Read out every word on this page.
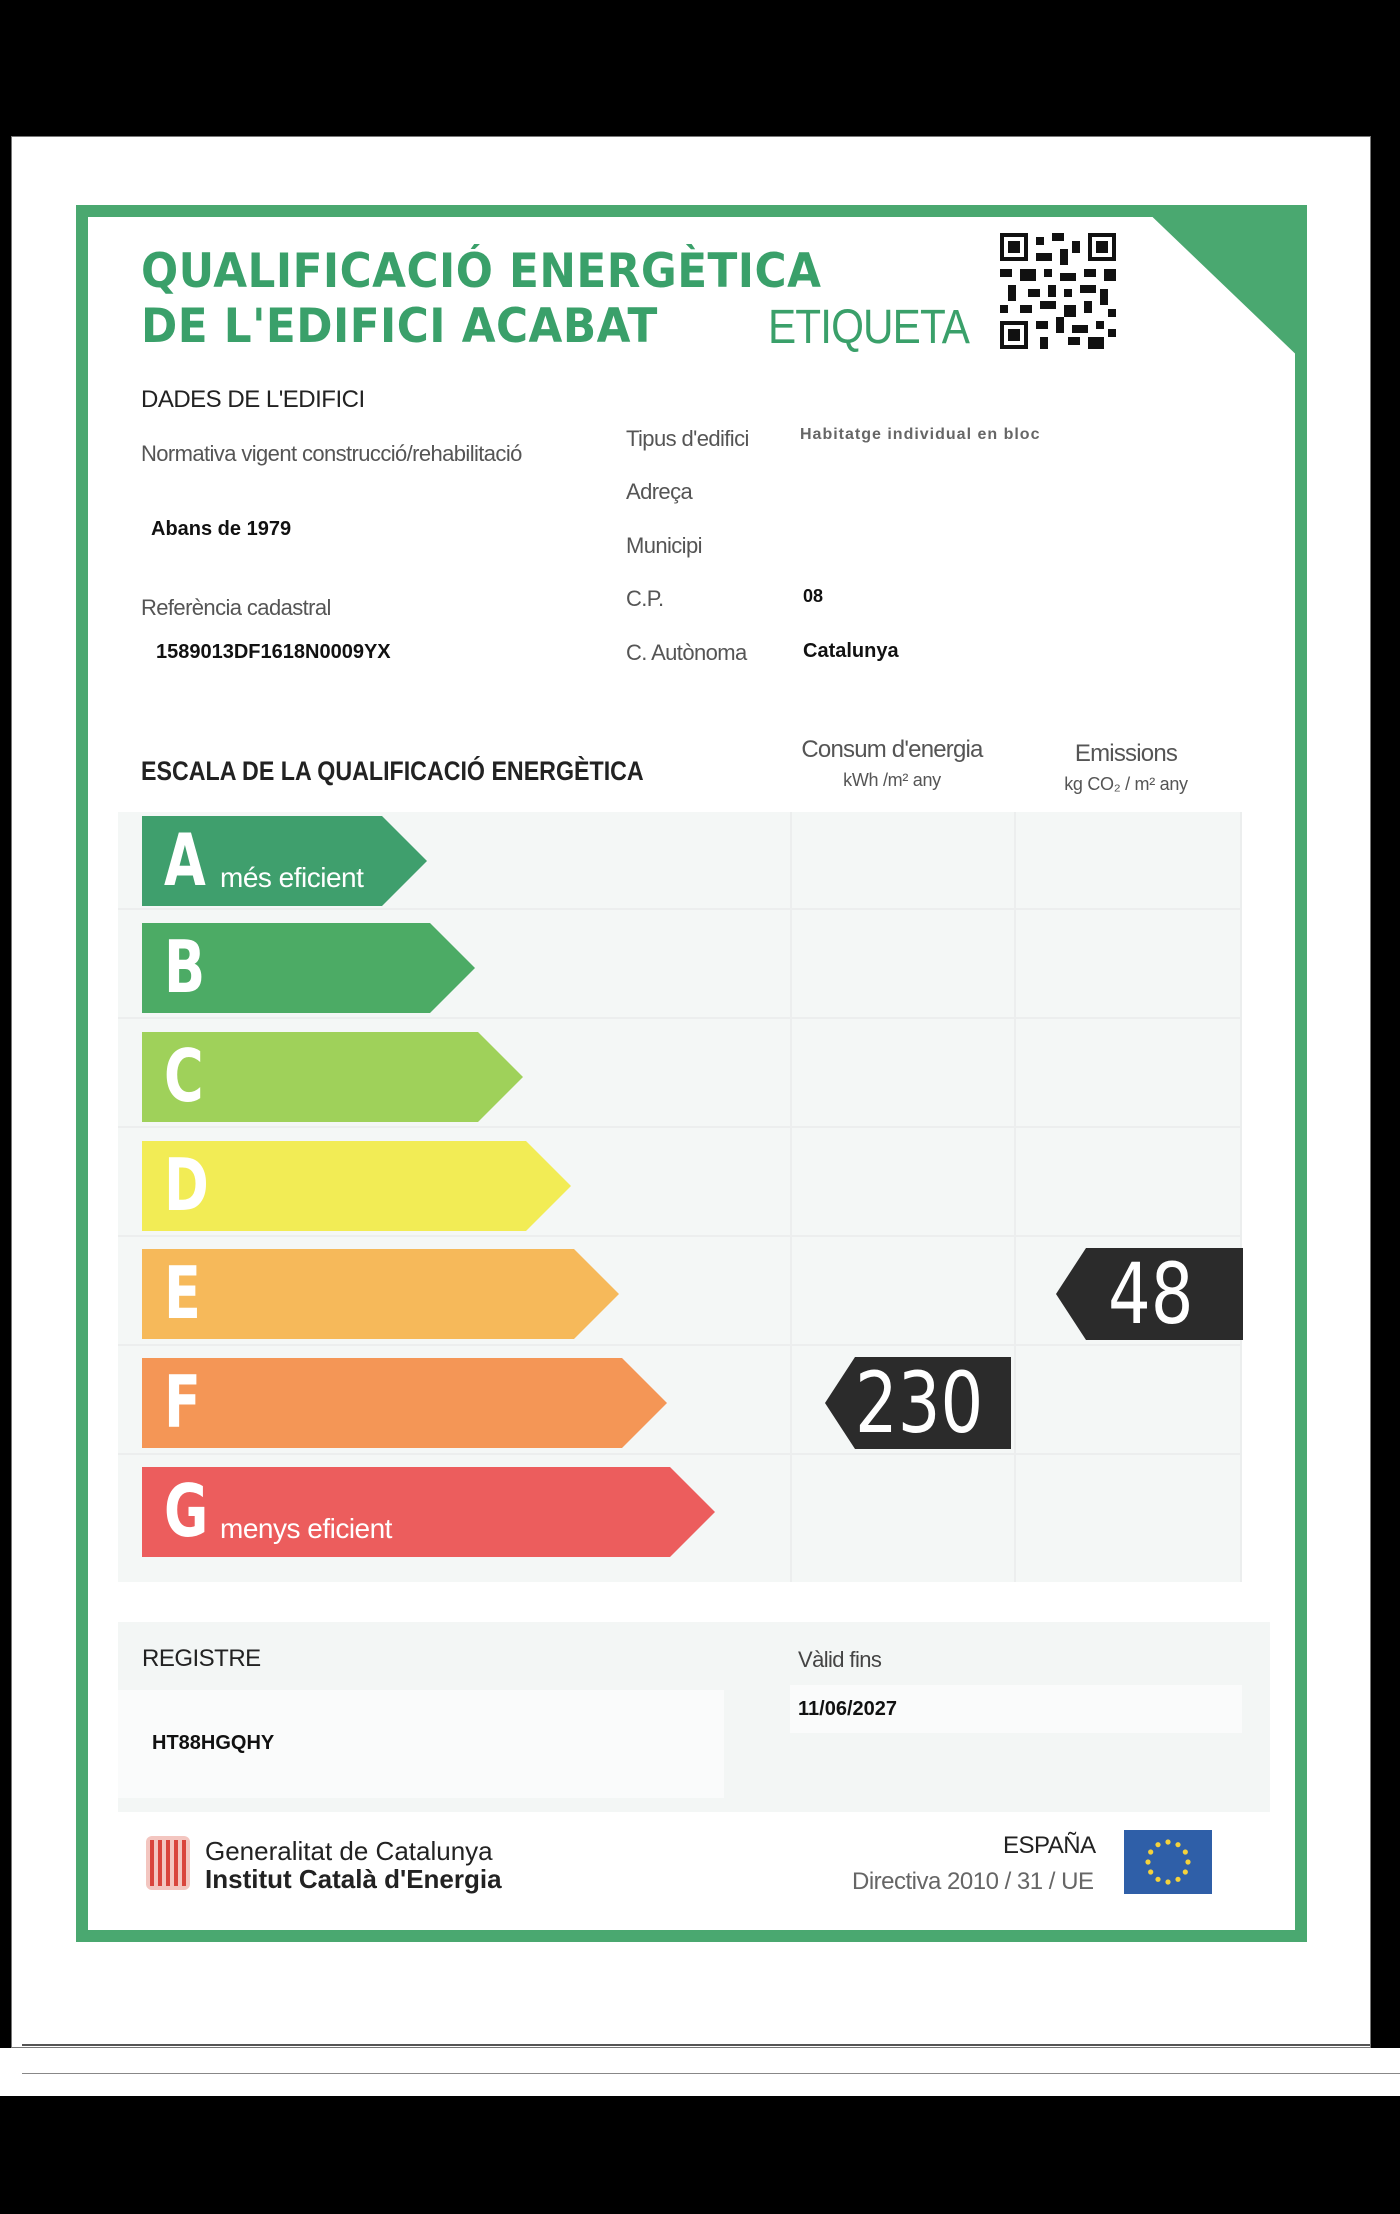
QUALIFICACIÓ ENERGÈTICA
DE L'EDIFICI ACABAT ETIQUETA
DADES DE L'EDIFICI
Normativa vigent construcció/rehabilitació
Abans de 1979
Referència cadastral
1589013DF1618N0009YX
Tipus d'edifici	Habitatge individual en bloc
Adreça
Municipi
C.P.	08
C. Autònoma	Catalunya
ESCALA DE LA QUALIFICACIÓ ENERGÈTICA
Consum d'energia
kWh /m² any
Emissions
kg CO₂ / m² any
A més eficient
B
C
D
E
F
G menys eficient
230
48
REGISTRE
HT88HGQHY
Vàlid fins
11/06/2027
Generalitat de Catalunya
Institut Català d'Energia
ESPAÑA
Directiva 2010 / 31 / UE
